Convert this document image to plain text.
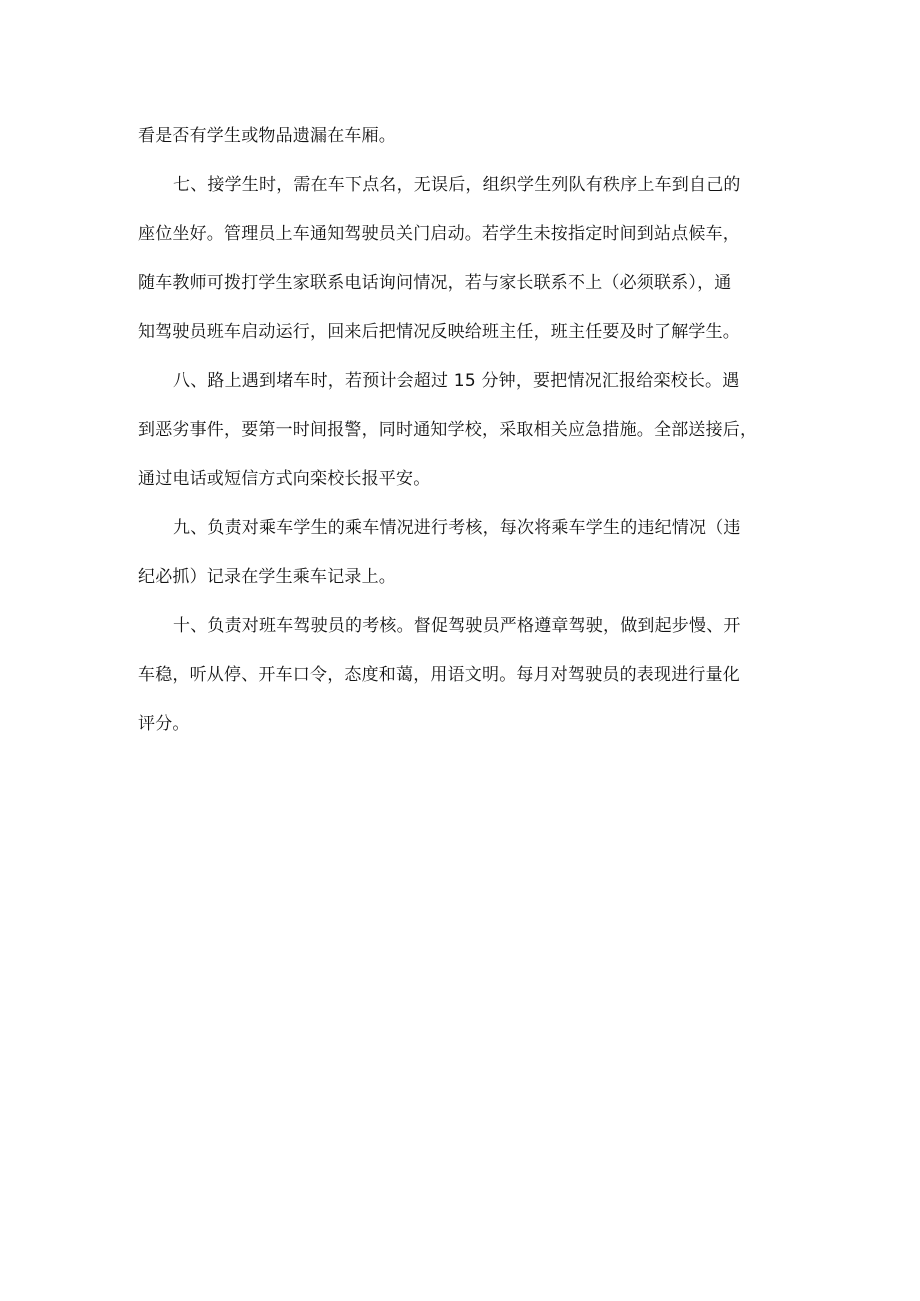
看是否有学生或物品遗漏在车厢。
七、接学生时，需在车下点名，无误后，组织学生列队有秩序上车到自己的
座位坐好。管理员上车通知驾驶员关门启动。若学生未按指定时间到站点候车，
随车教师可拨打学生家联系电话询问情况，若与家长联系不上（必须联系），通
知驾驶员班车启动运行，回来后把情况反映给班主任，班主任要及时了解学生。
八、路上遇到堵车时，若预计会超过 15 分钟，要把情况汇报给栾校长。遇
到恶劣事件，要第一时间报警，同时通知学校，采取相关应急措施。全部送接后，
通过电话或短信方式向栾校长报平安。
九、负责对乘车学生的乘车情况进行考核，每次将乘车学生的违纪情况（违
纪必抓）记录在学生乘车记录上。
十、负责对班车驾驶员的考核。督促驾驶员严格遵章驾驶，做到起步慢、开
车稳，听从停、开车口令，态度和蔼，用语文明。每月对驾驶员的表现进行量化
评分。
